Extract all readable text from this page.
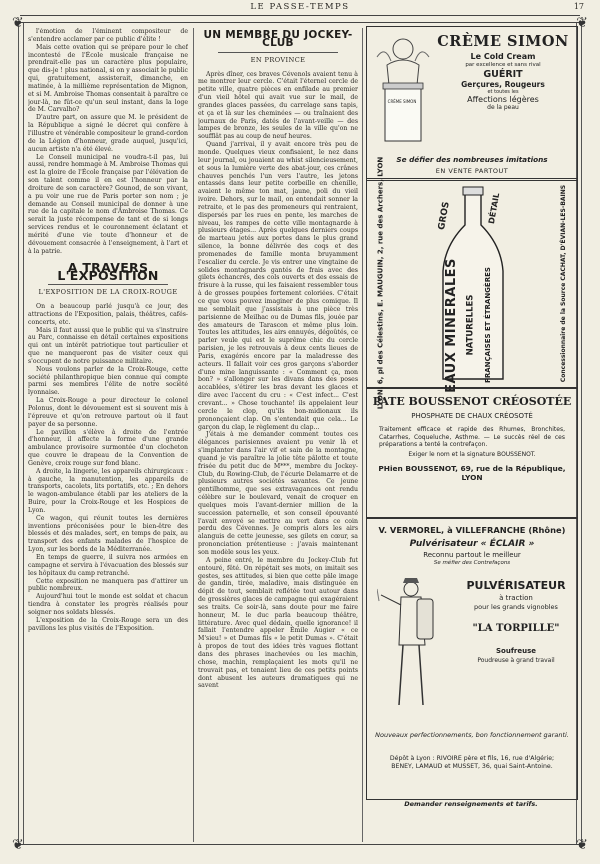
LE PASSE-TEMPS	17
❦	❦
❦	❦

l'émotion de l'éminent compositeur de s'entendre acclamer par ce public d'élite !

Mais cette ovation qui se prépare pour le chef incontesté de l'École musicale française ne prendrait-elle pas un caractère plus populaire, que dis-je ! plus national, si on y associait le public qui, gratuitement, assisterait, dimanche, en matinée, à la millième représentation de Mignon, et si M. Ambroise Thomas consentait à paraître ce jour-là, ne fût-ce qu'un seul instant, dans la loge de M. Carvalho?

D'autre part, on assure que M. le président de la République a signé le décret qui confère à l'illustre et vénérable compositeur le grand-cordon de la Légion d'honneur, grade auquel, jusqu'ici, aucun artiste n'a été élevé.

Le Conseil municipal ne voudra-t-il pas, lui aussi, rendre hommage à M. Ambroise Thomas qui est la gloire de l'École française par l'élévation de son talent comme il en est l'honneur par la droiture de son caractère? Gounod, de son vivant, a pu voir une rue de Paris porter son nom ; je demande au Conseil municipal de donner à une rue de la capitale le nom d'Ambroise Thomas. Ce serait la juste récompense de tant et de si longs services rendus et le couronnement éclatant et mérité d'une vie toute d'honneur et de dévouement consacrée à l'enseignement, à l'art et à la patrie.

A TRAVERS L'EXPOSITION
L'EXPOSITION DE LA CROIX-ROUGE

On a beaucoup parlé jusqu'à ce jour, des attractions de l'Exposition, palais, théâtres, cafés-concerts, etc.

Mais il faut aussi que le public qui va s'instruire au Parc, connaisse en détail certaines expositions qui ont un intérêt patriotique tout particulier et que ne manqueront pas de visiter ceux qui s'occupent de notre puissance militaire.

Nous voulons parler de la Croix-Rouge, cette société philanthropique bien connue qui compte parmi ses membres l'élite de notre société lyonnaise.

La Croix-Rouge a pour directeur le colonel Polonus, dont le dévouement est si souvent mis à l'épreuve et qu'on retrouve partout où il faut payer de sa personne.

Le pavillon s'élève à droite de l'entrée d'honneur, il affecte la forme d'une grande ambulance provisoire surmontée d'un clocheton que couvre le drapeau de la Convention de Genève, croix rouge sur fond blanc.

A droite, la lingerie, les appareils chirurgicaux : à gauche, la manutention, les appareils de transports, cacolets, lits portatifs, etc. ; En dehors le wagon-ambulance établi par les ateliers de la Buire, pour la Croix-Rouge et les Hospices de Lyon.

Ce wagon, qui réunit toutes les dernières inventions préconisées pour le bien-être des blessés et des malades, sert, en temps de paix, au transport des enfants malades de l'hospice de Lyon, sur les bords de la Méditerranée.

En temps de guerre, il suivra nos armées en campagne et servira à l'évacuation des blessés sur les hôpitaux du camp retranché.

Cette exposition ne manquera pas d'attirer un public nombreux.

Aujourd'hui tout le monde est soldat et chacun tiendra à constater les progrès réalisés pour soigner nos soldats blessés.

L'exposition de la Croix-Rouge sera un des pavillons les plus visités de l'Exposition.

UN MEMBRE DU JOCKEY-CLUB
EN PROVINCE

Après dîner, ces braves Cévenols avaient tenu à me montrer leur cercle. C'était l'éternel cercle de petite ville, quatre pièces en enfilade au premier d'un vieil hôtel qui avait vue sur le mail, de grandes glaces passées, du carrelage sans tapis, et ça et là sur les cheminées — ou traînaient des journaux de Paris, datés de l'avant-veille — des lampes de bronze, les seules de la ville qu'on ne soufflât pas au coup de neuf heures.

Quand j'arrivai, il y avait encore très peu de monde. Quelques vieux confisaient, le nez dans leur journal, ou jouaient au whist silencieusement, et sous la lumière verte des abat-jour, ces crânes chauves penchés l'un vers l'autre, les jetons entassés dans leur petite corbeille en chenille, avaient le même ton mat, jaune, poli du vieil ivoire. Dehors, sur le mail, on entendait sonner la retraite, et le pas des promeneurs qui rentraient, dispersés par les rues en pente, les marches de niveau, les rampes de cette ville montagnarde à plusieurs étages... Après quelques derniers coups de marteau jetés aux portes dans le plus grand silence, la bonne délivrée des coqs et des promenades de famille monta bruyamment l'escalier du cercle. Je vis entrer une vingtaine de solides montagnards gantés de frais avec des gilets échancrés, des cols ouverts et des essais de frisure à la russe, qui les faisaient ressembler tous à de grosses poupées fortement coloriées. C'était ce que vous pouvez imaginer de plus comique. Il me semblait que j'assistais à une pièce très parisienne de Meilhac ou de Dumas fils, jouée par des amateurs de Tarascon et même plus loin. Toutes les attitudes, les airs ennuyés, dégoûtés, ce parler veule qui est le suprême chic du cercle parisien, je les retrouvais à deux cents lieues de Paris, exagérés encore par la maladresse des acteurs. Il fallait voir ces gros garçons s'aborder d'une mine languissante : « Comment ça, mon bon? » s'allonger sur les divans dans des poses accablées, s'étirer les bras devant les glaces et dire avec l'accent du cru : « C'est infect... C'est crevant... » Chose touchante! ils appelaient leur cercle le clop, qu'ils bon-midionaux ils prononçaient clap. On s'entendait que cela... Le garçon du clap, le règlement du clap...

J'étais à me demander comment toutes ces élégances parisiennes avaient pu venir là et s'implanter dans l'air vif et sain de la montagne, quand je vis paraître la jolie tête pâlotte et toute frisée du petit duc de M***, membre du Jockey-Club, du Rowing-Club, de l'écurie Delamarre et de plusieurs autres sociétés savantes. Ce jeune gentilhomme, que ses extravagances ont rendu célèbre sur le boulevard, venait de croquer en quelques mois l'avant-dernier million de la succession paternelle, et son conseil épouvanté l'avait envoyé se mettre au vert dans ce coin perdu des Cévennes. Je compris alors les airs alanguis de cette jeunesse, ses gilets en cœur, sa prononciation prétentieuse : j'avais maintenant son modèle sous les yeux.

A peine entré, le membre du Jockey-Club fut entouré, fêté. On répétait ses mots, on imitait ses gestes, ses attitudes, si bien que cette pâle image de gandin, tirée, maladive, mais distinguée en dépit de tout, semblait reflétée tout autour dans de grossières glaces de campagne qui exagéraient ses traits. Ce soir-là, sans doute pour me faire honneur, M. le duc parla beaucoup théâtre, littérature. Avec quel dédain, quelle ignorance! il fallait l'entendre appeler Émile Augier « ce M'sieu! » et Dumas fils « le petit Dumas ». C'était à propos de tout des idées très vagues flottant dans des phrases inachevées ou les machin, chose, machin, remplaçaient les mots qu'il ne trouvait pas, et tenaient lieu de ces petits points dont abusent les auteurs dramatiques qui ne savent

CRÈME SIMON
CRÈME SIMON
Le Cold Cream
par excellence et sans rival
GUÉRIT
Gerçures, Rougeurs
et toutes les
Affections légères
de la peau
Se défier des nombreuses imitations
EN VENTE PARTOUT
LYON, 6, pl des Célestins, E. MAUGUIN, 2, rue des Archers, LYON	GROS	DÉTAIL
EAUX MINERALES NATURELLES FRANÇAISES ET ÉTRANGÈRES	Concessionnaire de la Source CACHAT, D'ÉVIAN-LES-BAINS
PATE BOUSSENOT CRÉOSOTÉE
PHOSPHATE DE CHAUX CRÉOSOTÉ
Traitement efficace et rapide des Rhumes, Bronchites, Catarrhes, Coqueluche, Asthme. — Le succès réel de ces préparations a tenté la contrefaçon.
Exiger le nom et la signature BOUSSENOT.
PHien BOUSSENOT, 69, rue de la République, LYON
V. VERMOREL, à VILLEFRANCHE (Rhône)
Pulvérisateur « ÉCLAIR »
Reconnu partout le meilleur
Se méfier des Contrefaçons
PULVÉRISATEUR
à traction
pour les grands vignobles
"LA TORPILLE"
Soufreuse
Poudreuse à grand travail
Nouveaux perfectionnements, bon fonctionnement garanti.
Dépôt à Lyon : RIVOIRE père et fils, 16, rue d'Algérie; BENEY, LAMAUD et MUSSET, 36, quai Saint-Antoine.
Demander renseignements et tarifs.
